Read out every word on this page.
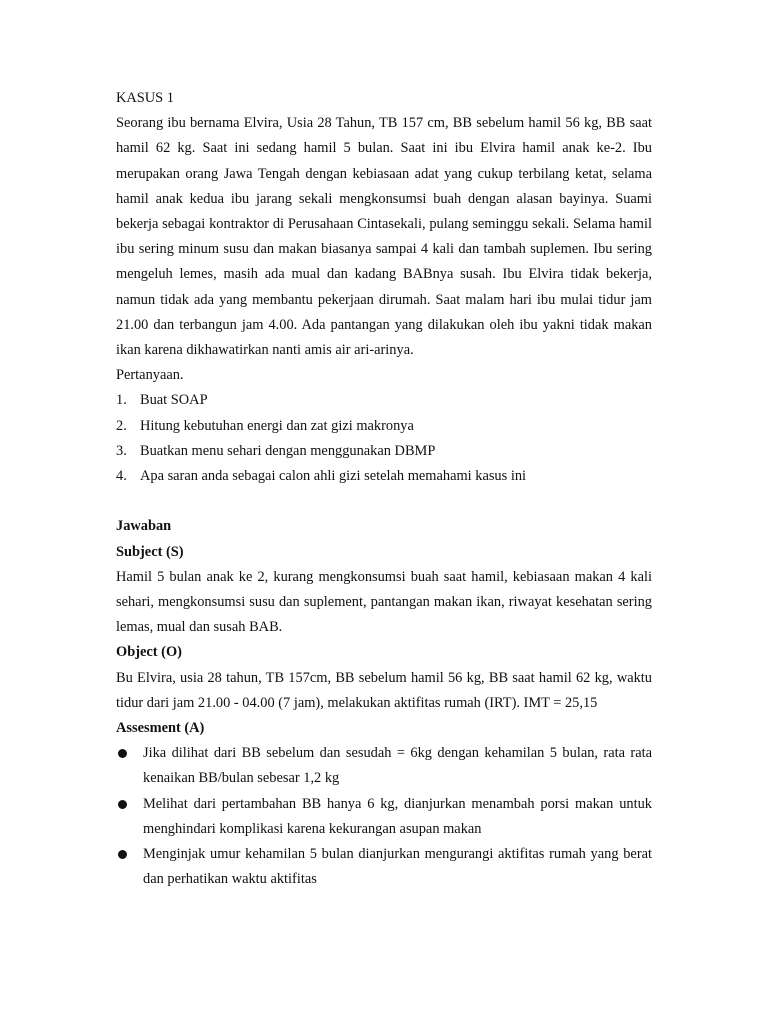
KASUS 1

Seorang ibu bernama Elvira, Usia 28 Tahun, TB 157 cm, BB sebelum hamil 56 kg, BB saat hamil 62 kg. Saat ini sedang hamil 5 bulan. Saat ini ibu Elvira hamil anak ke-2. Ibu merupakan orang Jawa Tengah dengan kebiasaan adat yang cukup terbilang ketat, selama hamil anak kedua ibu jarang sekali mengkonsumsi buah dengan alasan bayinya. Suami bekerja sebagai kontraktor di Perusahaan Cintasekali, pulang seminggu sekali. Selama hamil ibu sering minum susu dan makan biasanya sampai 4 kali dan tambah suplemen. Ibu sering mengeluh lemes, masih ada mual dan kadang BABnya susah. Ibu Elvira tidak bekerja, namun tidak ada yang membantu pekerjaan dirumah. Saat malam hari ibu mulai tidur jam 21.00 dan terbangun jam 4.00. Ada pantangan yang dilakukan oleh ibu yakni tidak makan ikan karena dikhawatirkan nanti amis air ari-arinya.

Pertanyaan.

1. Buat SOAP
2. Hitung kebutuhan energi dan zat gizi makronya
3. Buatkan menu sehari dengan menggunakan DBMP
4. Apa saran anda sebagai calon ahli gizi setelah memahami kasus ini

Jawaban

Subject (S)

Hamil 5 bulan anak ke 2, kurang mengkonsumsi buah saat hamil, kebiasaan makan 4 kali sehari, mengkonsumsi susu dan suplement, pantangan makan ikan, riwayat kesehatan sering lemas, mual dan susah BAB.

Object (O)

Bu Elvira, usia 28 tahun, TB 157cm, BB sebelum hamil 56 kg, BB saat hamil 62 kg, waktu tidur dari jam 21.00 - 04.00 (7 jam), melakukan aktifitas rumah (IRT). IMT = 25,15

Assesment (A)

Jika dilihat dari BB sebelum dan sesudah = 6kg dengan kehamilan 5 bulan, rata rata kenaikan BB/bulan sebesar 1,2 kg
Melihat dari pertambahan BB hanya 6 kg, dianjurkan menambah porsi makan untuk menghindari komplikasi karena kekurangan asupan makan
Menginjak umur kehamilan 5 bulan dianjurkan mengurangi aktifitas rumah yang berat dan perhatikan waktu aktifitas
